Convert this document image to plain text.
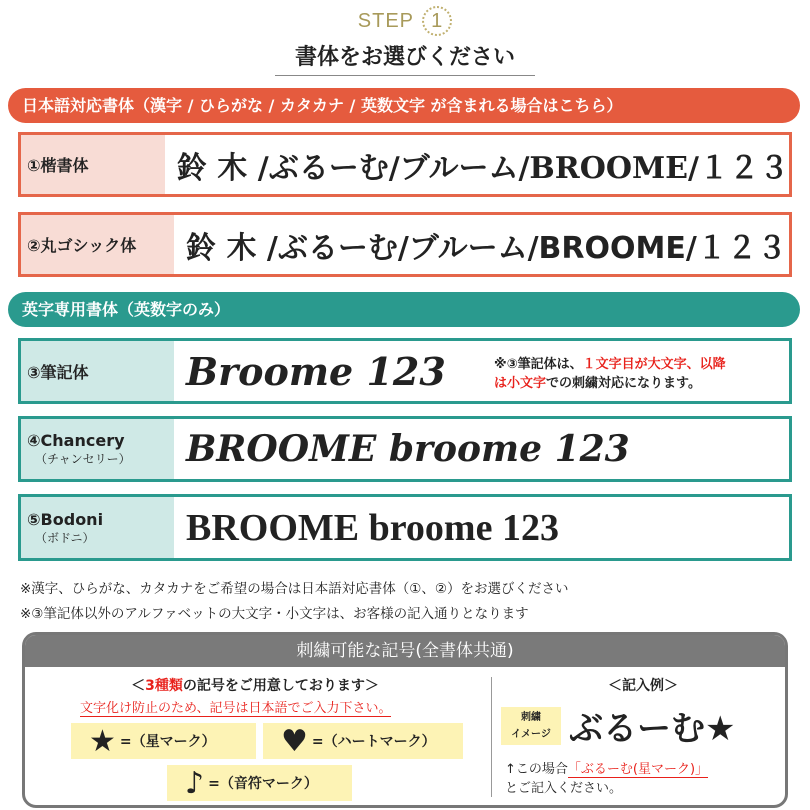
STEP 1
書体をお選びください
日本語対応書体（漢字 / ひらがな / カタカナ / 英数文字 が含まれる場合はこちら）
①楷書体	鈴 木 /ぶるーむ/ブルーム/BROOME/１２３
②丸ゴシック体	鈴 木 /ぶるーむ/ブルーム/BROOME/１２３
英字専用書体（英数字のみ）
③筆記体	Broome 123	※③筆記体は、１文字目が大文字、以降
は小文字での刺繍対応になります。
④Chancery
（チャンセリー）	BROOME broome 123
⑤Bodoni
（ボドニ）	BROOME broome 123
※漢字、ひらがな、カタカナをご希望の場合は日本語対応書体（①、②）をお選びください
※③筆記体以外のアルファベットの大文字・小文字は、お客様の記入通りとなります
刺繍可能な記号(全書体共通)
＜3種類の記号をご用意しております＞
文字化け防止のため、記号は日本語でご入力下さい。
★ =（星マーク） ♥ =（ハートマーク）
♪ =（音符マーク）
＜記入例＞
刺繍
イメージ ぶるーむ★
↑この場合「ぶるーむ(星マーク)」
とご記入ください。
